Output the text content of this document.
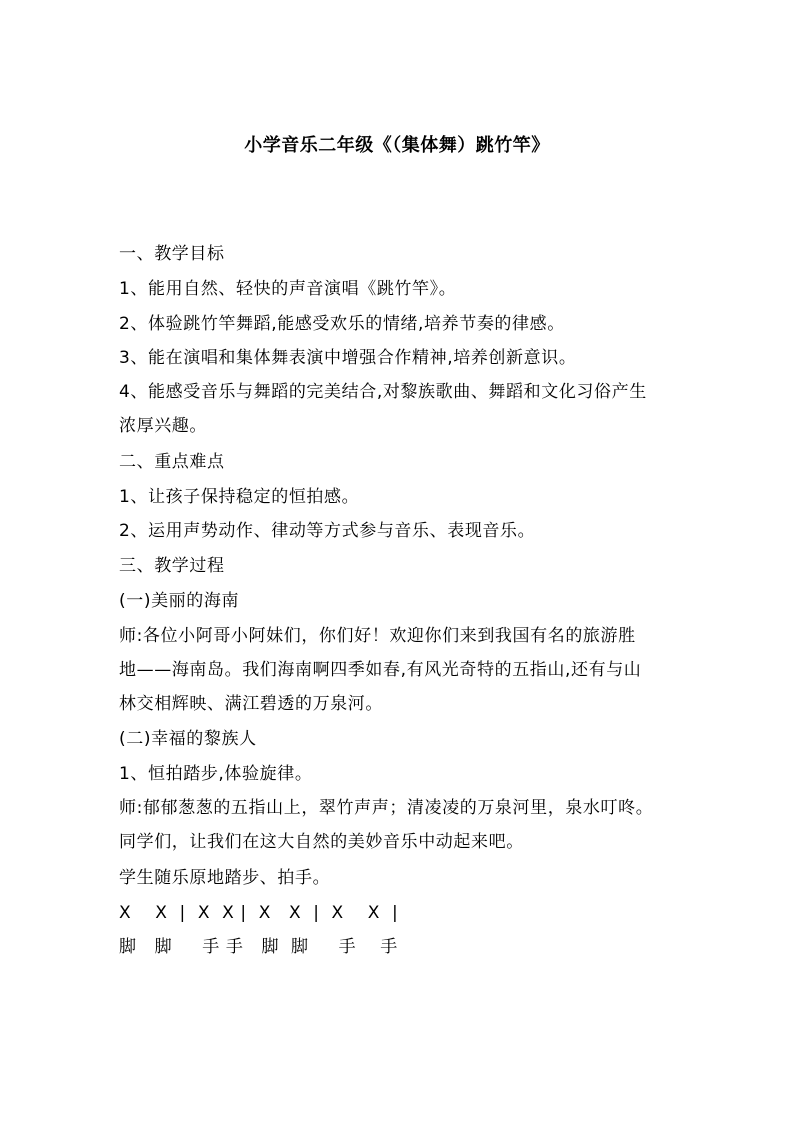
小学音乐二年级《（集体舞）跳竹竿》
一、教学目标
1、能用自然、轻快的声音演唱《跳竹竿》。
2、体验跳竹竿舞蹈,能感受欢乐的情绪,培养节奏的律感。
3、能在演唱和集体舞表演中增强合作精神,培养创新意识。
4、能感受音乐与舞蹈的完美结合,对黎族歌曲、舞蹈和文化习俗产生
浓厚兴趣。
二、重点难点
1、让孩子保持稳定的恒拍感。
2、运用声势动作、律动等方式参与音乐、表现音乐。
三、教学过程
(一)美丽的海南
师:各位小阿哥小阿妹们，你们好！欢迎你们来到我国有名的旅游胜
地——海南岛。我们海南啊四季如春,有风光奇特的五指山,还有与山
林交相辉映、满江碧透的万泉河。
(二)幸福的黎族人
1、恒拍踏步,体验旋律。
师:郁郁葱葱的五指山上，翠竹声声；清凌凌的万泉河里，泉水叮咚。
同学们，让我们在这大自然的美妙音乐中动起来吧。
学生随乐原地踏步、拍手。
X    X  |  X  X |  X   X  |  X    X  |
脚   脚     手 手   脚  脚     手    手
